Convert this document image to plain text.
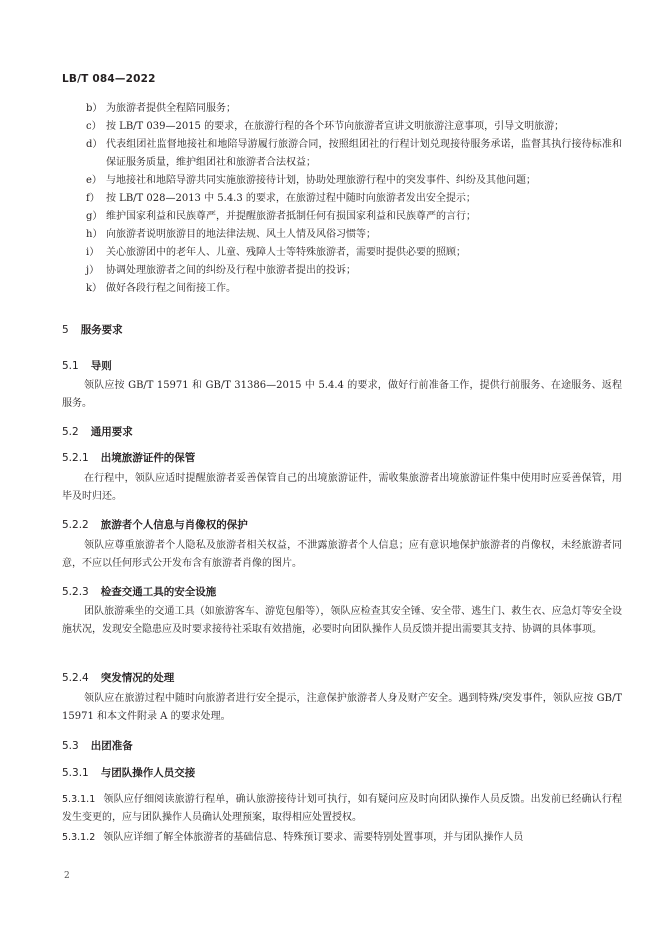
LB/T 084—2022
b） 为旅游者提供全程陪同服务；
c） 按 LB/T 039—2015 的要求，在旅游行程的各个环节向旅游者宣讲文明旅游注意事项，引导文明旅游；
d） 代表组团社监督地接社和地陪导游履行旅游合同，按照组团社的行程计划兑现接待服务承诺，监督其执行接待标准和保证服务质量，维护组团社和旅游者合法权益；
e） 与地接社和地陪导游共同实施旅游接待计划，协助处理旅游行程中的突发事件、纠纷及其他问题；
f） 按 LB/T 028—2013 中 5.4.3 的要求，在旅游过程中随时向旅游者发出安全提示；
g） 维护国家利益和民族尊严，并提醒旅游者抵制任何有损国家利益和民族尊严的言行；
h） 向旅游者说明旅游目的地法律法规、风土人情及风俗习惯等；
i） 关心旅游团中的老年人、儿童、残障人士等特殊旅游者，需要时提供必要的照顾；
j） 协调处理旅游者之间的纠纷及行程中旅游者提出的投诉；
k） 做好各段行程之间衔接工作。
5 服务要求
5.1 导则
领队应按 GB/T 15971 和 GB/T 31386—2015 中 5.4.4 的要求，做好行前准备工作，提供行前服务、在途服务、返程服务。
5.2 通用要求
5.2.1 出境旅游证件的保管
在行程中，领队应适时提醒旅游者妥善保管自己的出境旅游证件，需收集旅游者出境旅游证件集中使用时应妥善保管，用毕及时归还。
5.2.2 旅游者个人信息与肖像权的保护
领队应尊重旅游者个人隐私及旅游者相关权益，不泄露旅游者个人信息；应有意识地保护旅游者的肖像权，未经旅游者同意，不应以任何形式公开发布含有旅游者肖像的图片。
5.2.3 检查交通工具的安全设施
团队旅游乘坐的交通工具（如旅游客车、游览包船等），领队应检查其安全锤、安全带、逃生门、救生衣、应急灯等安全设施状况，发现安全隐患应及时要求接待社采取有效措施，必要时向团队操作人员反馈并提出需要其支持、协调的具体事项。
5.2.4 突发情况的处理
领队应在旅游过程中随时向旅游者进行安全提示，注意保护旅游者人身及财产安全。遇到特殊/突发事件，领队应按 GB/T 15971 和本文件附录 A 的要求处理。
5.3 出团准备
5.3.1 与团队操作人员交接
5.3.1.1 领队应仔细阅读旅游行程单，确认旅游接待计划可执行，如有疑问应及时向团队操作人员反馈。出发前已经确认行程发生变更的，应与团队操作人员确认处理预案，取得相应处置授权。
5.3.1.2 领队应详细了解全体旅游者的基础信息、特殊预订要求、需要特别处置事项，并与团队操作人员
2
